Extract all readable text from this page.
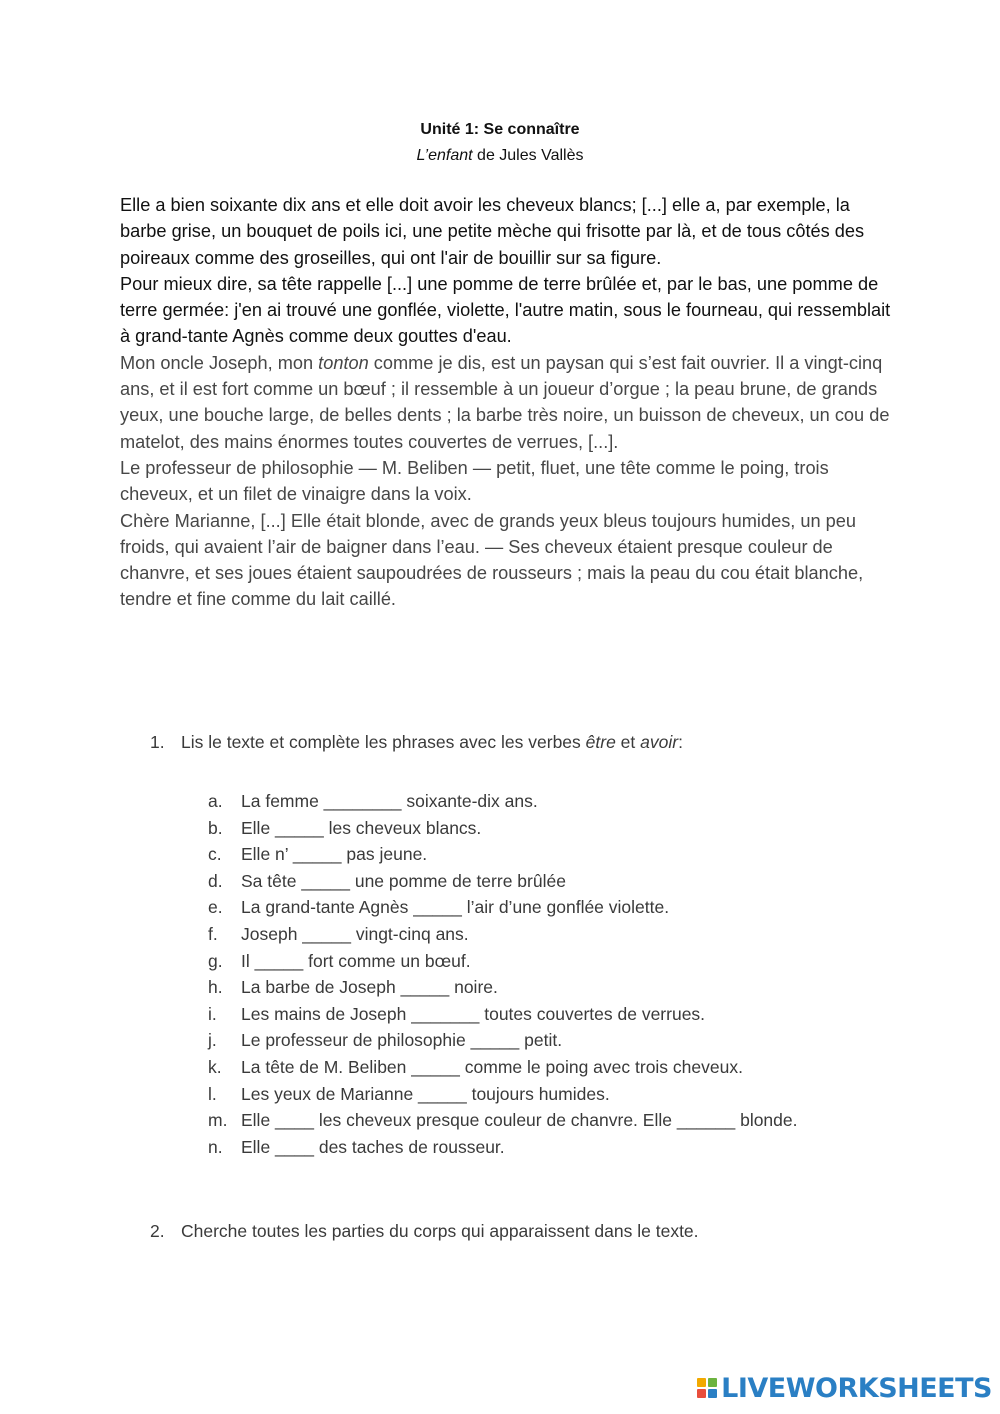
Unité 1: Se connaître
L’enfant de Jules Vallès

Elle a bien soixante dix ans et elle doit avoir les cheveux blancs; [...] elle a, par exemple, la barbe grise, un bouquet de poils ici, une petite mèche qui frisotte par là, et de tous côtés des poireaux comme des groseilles, qui ont l'air de bouillir sur sa figure.

Pour mieux dire, sa tête rappelle [...] une pomme de terre brûlée et, par le bas, une pomme de terre germée: j'en ai trouvé une gonflée, violette, l'autre matin, sous le fourneau, qui ressemblait à grand-tante Agnès comme deux gouttes d'eau.

Mon oncle Joseph, mon tonton comme je dis, est un paysan qui s’est fait ouvrier. Il a vingt-cinq ans, et il est fort comme un bœuf ; il ressemble à un joueur d’orgue ; la peau brune, de grands yeux, une bouche large, de belles dents ; la barbe très noire, un buisson de cheveux, un cou de matelot, des mains énormes toutes couvertes de verrues, [...].

Le professeur de philosophie — M. Beliben — petit, fluet, une tête comme le poing, trois cheveux, et un filet de vinaigre dans la voix.

Chère Marianne, [...] Elle était blonde, avec de grands yeux bleus toujours humides, un peu froids, qui avaient l’air de baigner dans l’eau. — Ses cheveux étaient presque couleur de chanvre, et ses joues étaient saupoudrées de rousseurs ; mais la peau du cou était blanche, tendre et fine comme du lait caillé.

1. Lis le texte et complète les phrases avec les verbes être et avoir:
a.	La femme ________ soixante-dix ans.
b.	Elle _____ les cheveux blancs.
c.	Elle n’ _____ pas jeune.
d.	Sa tête _____ une pomme de terre brûlée
e.	La grand-tante Agnès _____ l’air d’une gonflée violette.
f.	Joseph _____ vingt-cinq ans.
g.	Il _____ fort comme un bœuf.
h.	La barbe de Joseph _____ noire.
i.	Les mains de Joseph _______ toutes couvertes de verrues.
j.	Le professeur de philosophie _____ petit.
k.	La tête de M. Beliben _____ comme le poing avec trois cheveux.
l.	Les yeux de Marianne _____ toujours humides.
m. Elle ____ les cheveux presque couleur de chanvre. Elle ______ blonde.
n.	Elle ____ des taches de rousseur.
2. Cherche toutes les parties du corps qui apparaissent dans le texte.
LIVEWORKSHEETS
